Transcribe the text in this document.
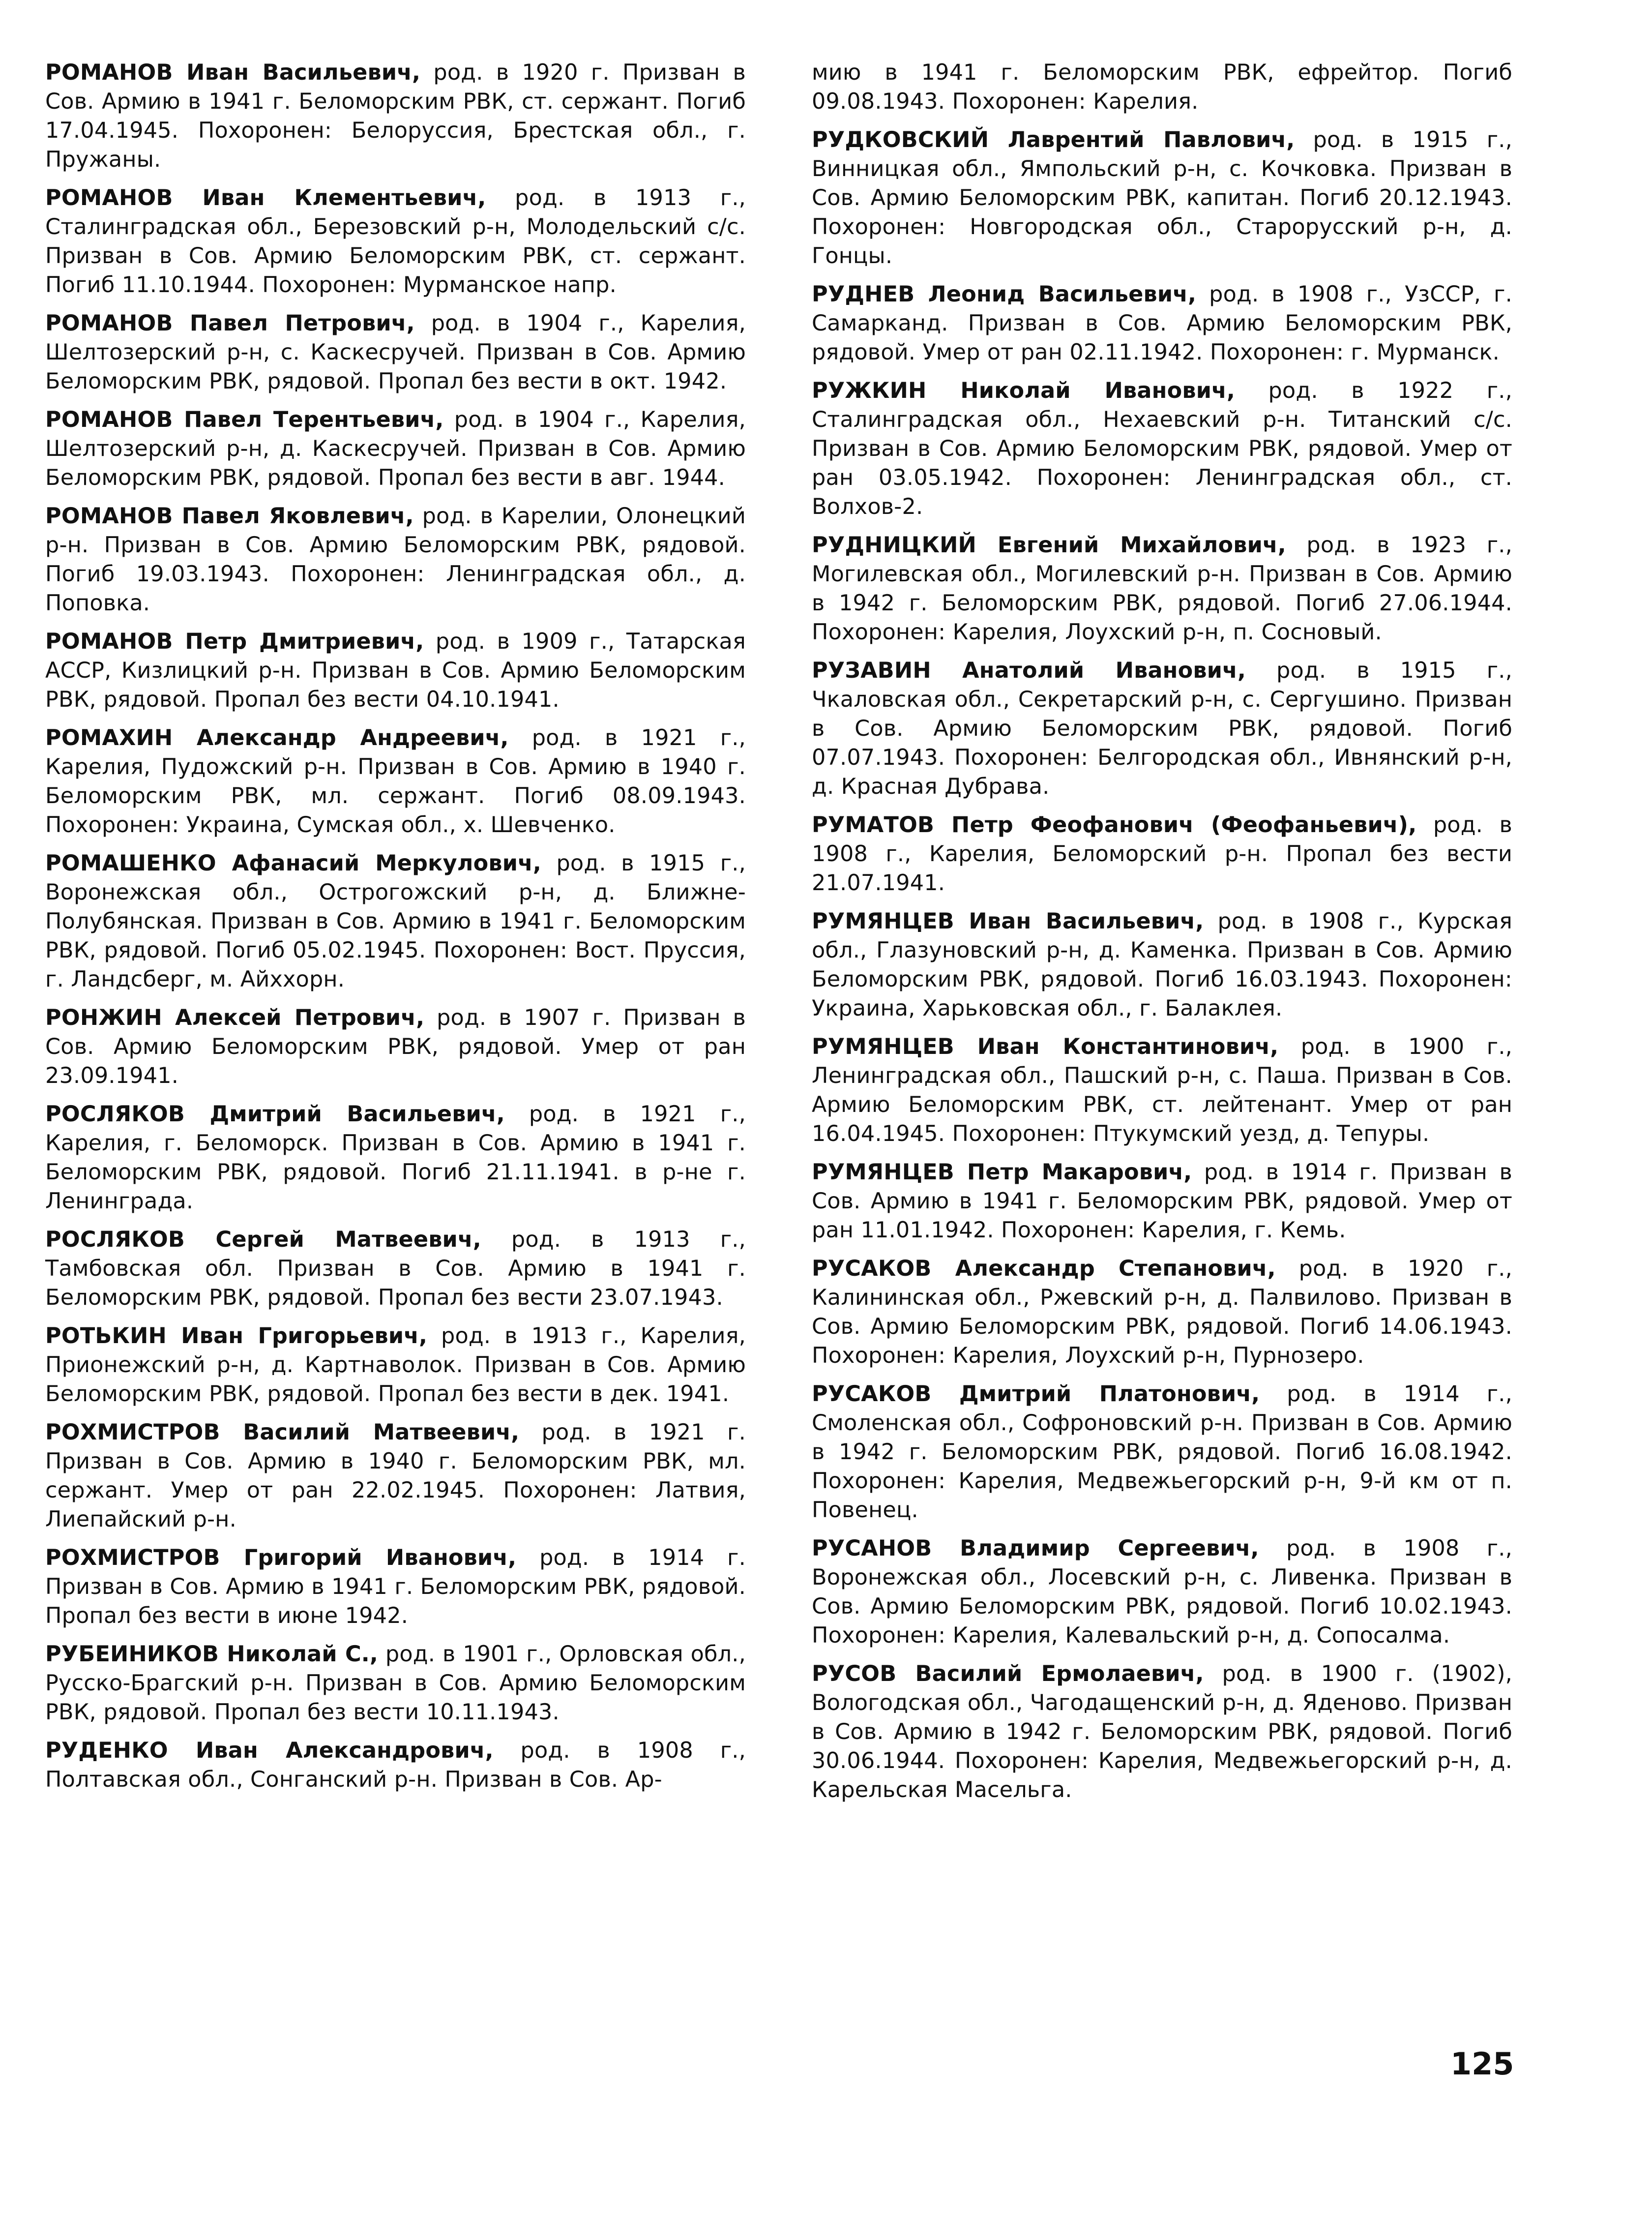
РОМАНОВ Иван Васильевич, род. в 1920 г. Призван в Сов. Армию в 1941 г. Беломорским РВК, ст. сержант. Погиб 17.04.1945. Похоронен: Белоруссия, Брестская обл., г. Пружаны.

РОМАНОВ Иван Клементьевич, род. в 1913 г., Сталинградская обл., Березовский р-н, Молодельский с/с. Призван в Сов. Армию Беломорским РВК, ст. сержант. Погиб 11.10.1944. Похоронен: Мурманское напр.

РОМАНОВ Павел Петрович, род. в 1904 г., Карелия, Шелтозерский р-н, с. Каскесручей. Призван в Сов. Армию Беломорским РВК, рядовой. Пропал без вести в окт. 1942.

РОМАНОВ Павел Терентьевич, род. в 1904 г., Карелия, Шелтозерский р-н, д. Каскесручей. Призван в Сов. Армию Беломорским РВК, рядовой. Пропал без вести в авг. 1944.

РОМАНОВ Павел Яковлевич, род. в Карелии, Олонецкий р-н. Призван в Сов. Армию Беломорским РВК, рядовой. Погиб 19.03.1943. Похоронен: Ленинградская обл., д. Поповка.

РОМАНОВ Петр Дмитриевич, род. в 1909 г., Татарская АССР, Кизлицкий р-н. Призван в Сов. Армию Беломорским РВК, рядовой. Пропал без вести 04.10.1941.

РОМАХИН Александр Андреевич, род. в 1921 г., Карелия, Пудожский р-н. Призван в Сов. Армию в 1940 г. Беломорским РВК, мл. сержант. Погиб 08.09.1943. Похоронен: Украина, Сумская обл., х. Шевченко.

РОМАШЕНКО Афанасий Меркулович, род. в 1915 г., Воронежская обл., Острогожский р-н, д. Ближне-Полубянская. Призван в Сов. Армию в 1941 г. Беломорским РВК, рядовой. Погиб 05.02.1945. Похоронен: Вост. Пруссия, г. Ландсберг, м. Айххорн.

РОНЖИН Алексей Петрович, род. в 1907 г. Призван в Сов. Армию Беломорским РВК, рядовой. Умер от ран 23.09.1941.

РОСЛЯКОВ Дмитрий Васильевич, род. в 1921 г., Карелия, г. Беломорск. Призван в Сов. Армию в 1941 г. Беломорским РВК, рядовой. Погиб 21.11.1941. в р-не г. Ленинграда.

РОСЛЯКОВ Сергей Матвеевич, род. в 1913 г., Тамбовская обл. Призван в Сов. Армию в 1941 г. Беломорским РВК, рядовой. Пропал без вести 23.07.1943.

РОТЬКИН Иван Григорьевич, род. в 1913 г., Карелия, Прионежский р-н, д. Картнаволок. Призван в Сов. Армию Беломорским РВК, рядовой. Пропал без вести в дек. 1941.

РОХМИСТРОВ Василий Матвеевич, род. в 1921 г. Призван в Сов. Армию в 1940 г. Беломорским РВК, мл. сержант. Умер от ран 22.02.1945. Похоронен: Латвия, Лиепайский р-н.

РОХМИСТРОВ Григорий Иванович, род. в 1914 г. Призван в Сов. Армию в 1941 г. Беломорским РВК, рядовой. Пропал без вести в июне 1942.

РУБЕИНИКОВ Николай С., род. в 1901 г., Орловская обл., Русско-Брагский р-н. Призван в Сов. Армию Беломорским РВК, рядовой. Пропал без вести 10.11.1943.

РУДЕНКО Иван Александрович, род. в 1908 г., Полтавская обл., Сонганский р-н. Призван в Сов. Ар-

мию в 1941 г. Беломорским РВК, ефрейтор. Погиб 09.08.1943. Похоронен: Карелия.

РУДКОВСКИЙ Лаврентий Павлович, род. в 1915 г., Винницкая обл., Ямпольский р-н, с. Кочковка. Призван в Сов. Армию Беломорским РВК, капитан. Погиб 20.12.1943. Похоронен: Новгородская обл., Старорусский р-н, д. Гонцы.

РУДНЕВ Леонид Васильевич, род. в 1908 г., УзССР, г. Самарканд. Призван в Сов. Армию Беломорским РВК, рядовой. Умер от ран 02.11.1942. Похоронен: г. Мурманск.

РУЖКИН Николай Иванович, род. в 1922 г., Сталинградская обл., Нехаевский р-н. Титанский с/с. Призван в Сов. Армию Беломорским РВК, рядовой. Умер от ран 03.05.1942. Похоронен: Ленинградская обл., ст. Волхов-2.

РУДНИЦКИЙ Евгений Михайлович, род. в 1923 г., Могилевская обл., Могилевский р-н. Призван в Сов. Армию в 1942 г. Беломорским РВК, рядовой. Погиб 27.06.1944. Похоронен: Карелия, Лоухский р-н, п. Сосновый.

РУЗАВИН Анатолий Иванович, род. в 1915 г., Чкаловская обл., Секретарский р-н, с. Сергушино. Призван в Сов. Армию Беломорским РВК, рядовой. Погиб 07.07.1943. Похоронен: Белгородская обл., Ивнянский р-н, д. Красная Дубрава.

РУМАТОВ Петр Феофанович (Феофаньевич), род. в 1908 г., Карелия, Беломорский р-н. Пропал без вести 21.07.1941.

РУМЯНЦЕВ Иван Васильевич, род. в 1908 г., Курская обл., Глазуновский р-н, д. Каменка. Призван в Сов. Армию Беломорским РВК, рядовой. Погиб 16.03.1943. Похоронен: Украина, Харьковская обл., г. Балаклея.

РУМЯНЦЕВ Иван Константинович, род. в 1900 г., Ленинградская обл., Пашский р-н, с. Паша. Призван в Сов. Армию Беломорским РВК, ст. лейтенант. Умер от ран 16.04.1945. Похоронен: Птукумский уезд, д. Тепуры.

РУМЯНЦЕВ Петр Макарович, род. в 1914 г. Призван в Сов. Армию в 1941 г. Беломорским РВК, рядовой. Умер от ран 11.01.1942. Похоронен: Карелия, г. Кемь.

РУСАКОВ Александр Степанович, род. в 1920 г., Калининская обл., Ржевский р-н, д. Палвилово. Призван в Сов. Армию Беломорским РВК, рядовой. Погиб 14.06.1943. Похоронен: Карелия, Лоухский р-н, Пурнозеро.

РУСАКОВ Дмитрий Платонович, род. в 1914 г., Смоленская обл., Софроновский р-н. Призван в Сов. Армию в 1942 г. Беломорским РВК, рядовой. Погиб 16.08.1942. Похоронен: Карелия, Медвежьегорский р-н, 9-й км от п. Повенец.

РУСАНОВ Владимир Сергеевич, род. в 1908 г., Воронежская обл., Лосевский р-н, с. Ливенка. Призван в Сов. Армию Беломорским РВК, рядовой. Погиб 10.02.1943. Похоронен: Карелия, Калевальский р-н, д. Сопосалма.

РУСОВ Василий Ермолаевич, род. в 1900 г. (1902), Вологодская обл., Чагодащенский р-н, д. Яденово. Призван в Сов. Армию в 1942 г. Беломорским РВК, рядовой. Погиб 30.06.1944. Похоронен: Карелия, Медвежьегорский р-н, д. Карельская Масельга.

125
